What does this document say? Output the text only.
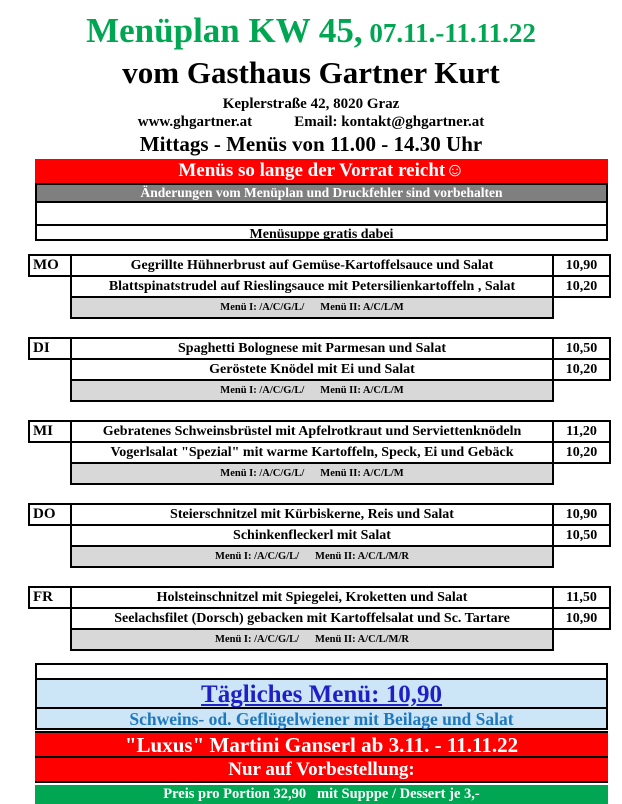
Menüplan KW 45, 07.11.-11.11.22
vom Gasthaus Gartner Kurt
Keplerstraße 42, 8020 Graz
www.ghgartner.at	Email: kontakt@ghgartner.at
Mittags - Menüs von 11.00 - 14.30 Uhr
Menüs so lange der Vorrat reicht☺
Änderungen vom Menüplan und Druckfehler sind vorbehalten
Menüsuppe gratis dabei
MO	Gegrillte Hühnerbrust auf Gemüse-Kartoffelsauce und Salat	10,90
	Blattspinatstrudel auf Rieslingsauce mit Petersilienkartoffeln , Salat	10,20
	Menü I: /A/C/G/L/ Menü II: A/C/L/M	
DI	Spaghetti Bolognese mit Parmesan und Salat	10,50
	Geröstete Knödel mit Ei und Salat	10,20
	Menü I: /A/C/G/L/ Menü II: A/C/L/M	
MI	Gebratenes Schweinsbrüstel mit Apfelrotkraut und Serviettenknödeln	11,20
	Vogerlsalat "Spezial" mit warme Kartoffeln, Speck, Ei und Gebäck	10,20
	Menü I: /A/C/G/L/ Menü II: A/C/L/M	
DO	Steierschnitzel mit Kürbiskerne, Reis und Salat	10,90
	Schinkenfleckerl mit Salat	10,50
	Menü I: /A/C/G/L/ Menü II: A/C/L/M/R	
FR	Holsteinschnitzel mit Spiegelei, Kroketten und Salat	11,50
	Seelachsfilet (Dorsch) gebacken mit Kartoffelsalat und Sc. Tartare	10,90
	Menü I: /A/C/G/L/ Menü II: A/C/L/M/R	
Tägliches Menü: 10,90
Schweins- od. Geflügelwiener mit Beilage und Salat
"Luxus" Martini Ganserl ab 3.11. - 11.11.22
Nur auf Vorbestellung:
Preis pro Portion 32,90   mit Supppe / Dessert je 3,-
